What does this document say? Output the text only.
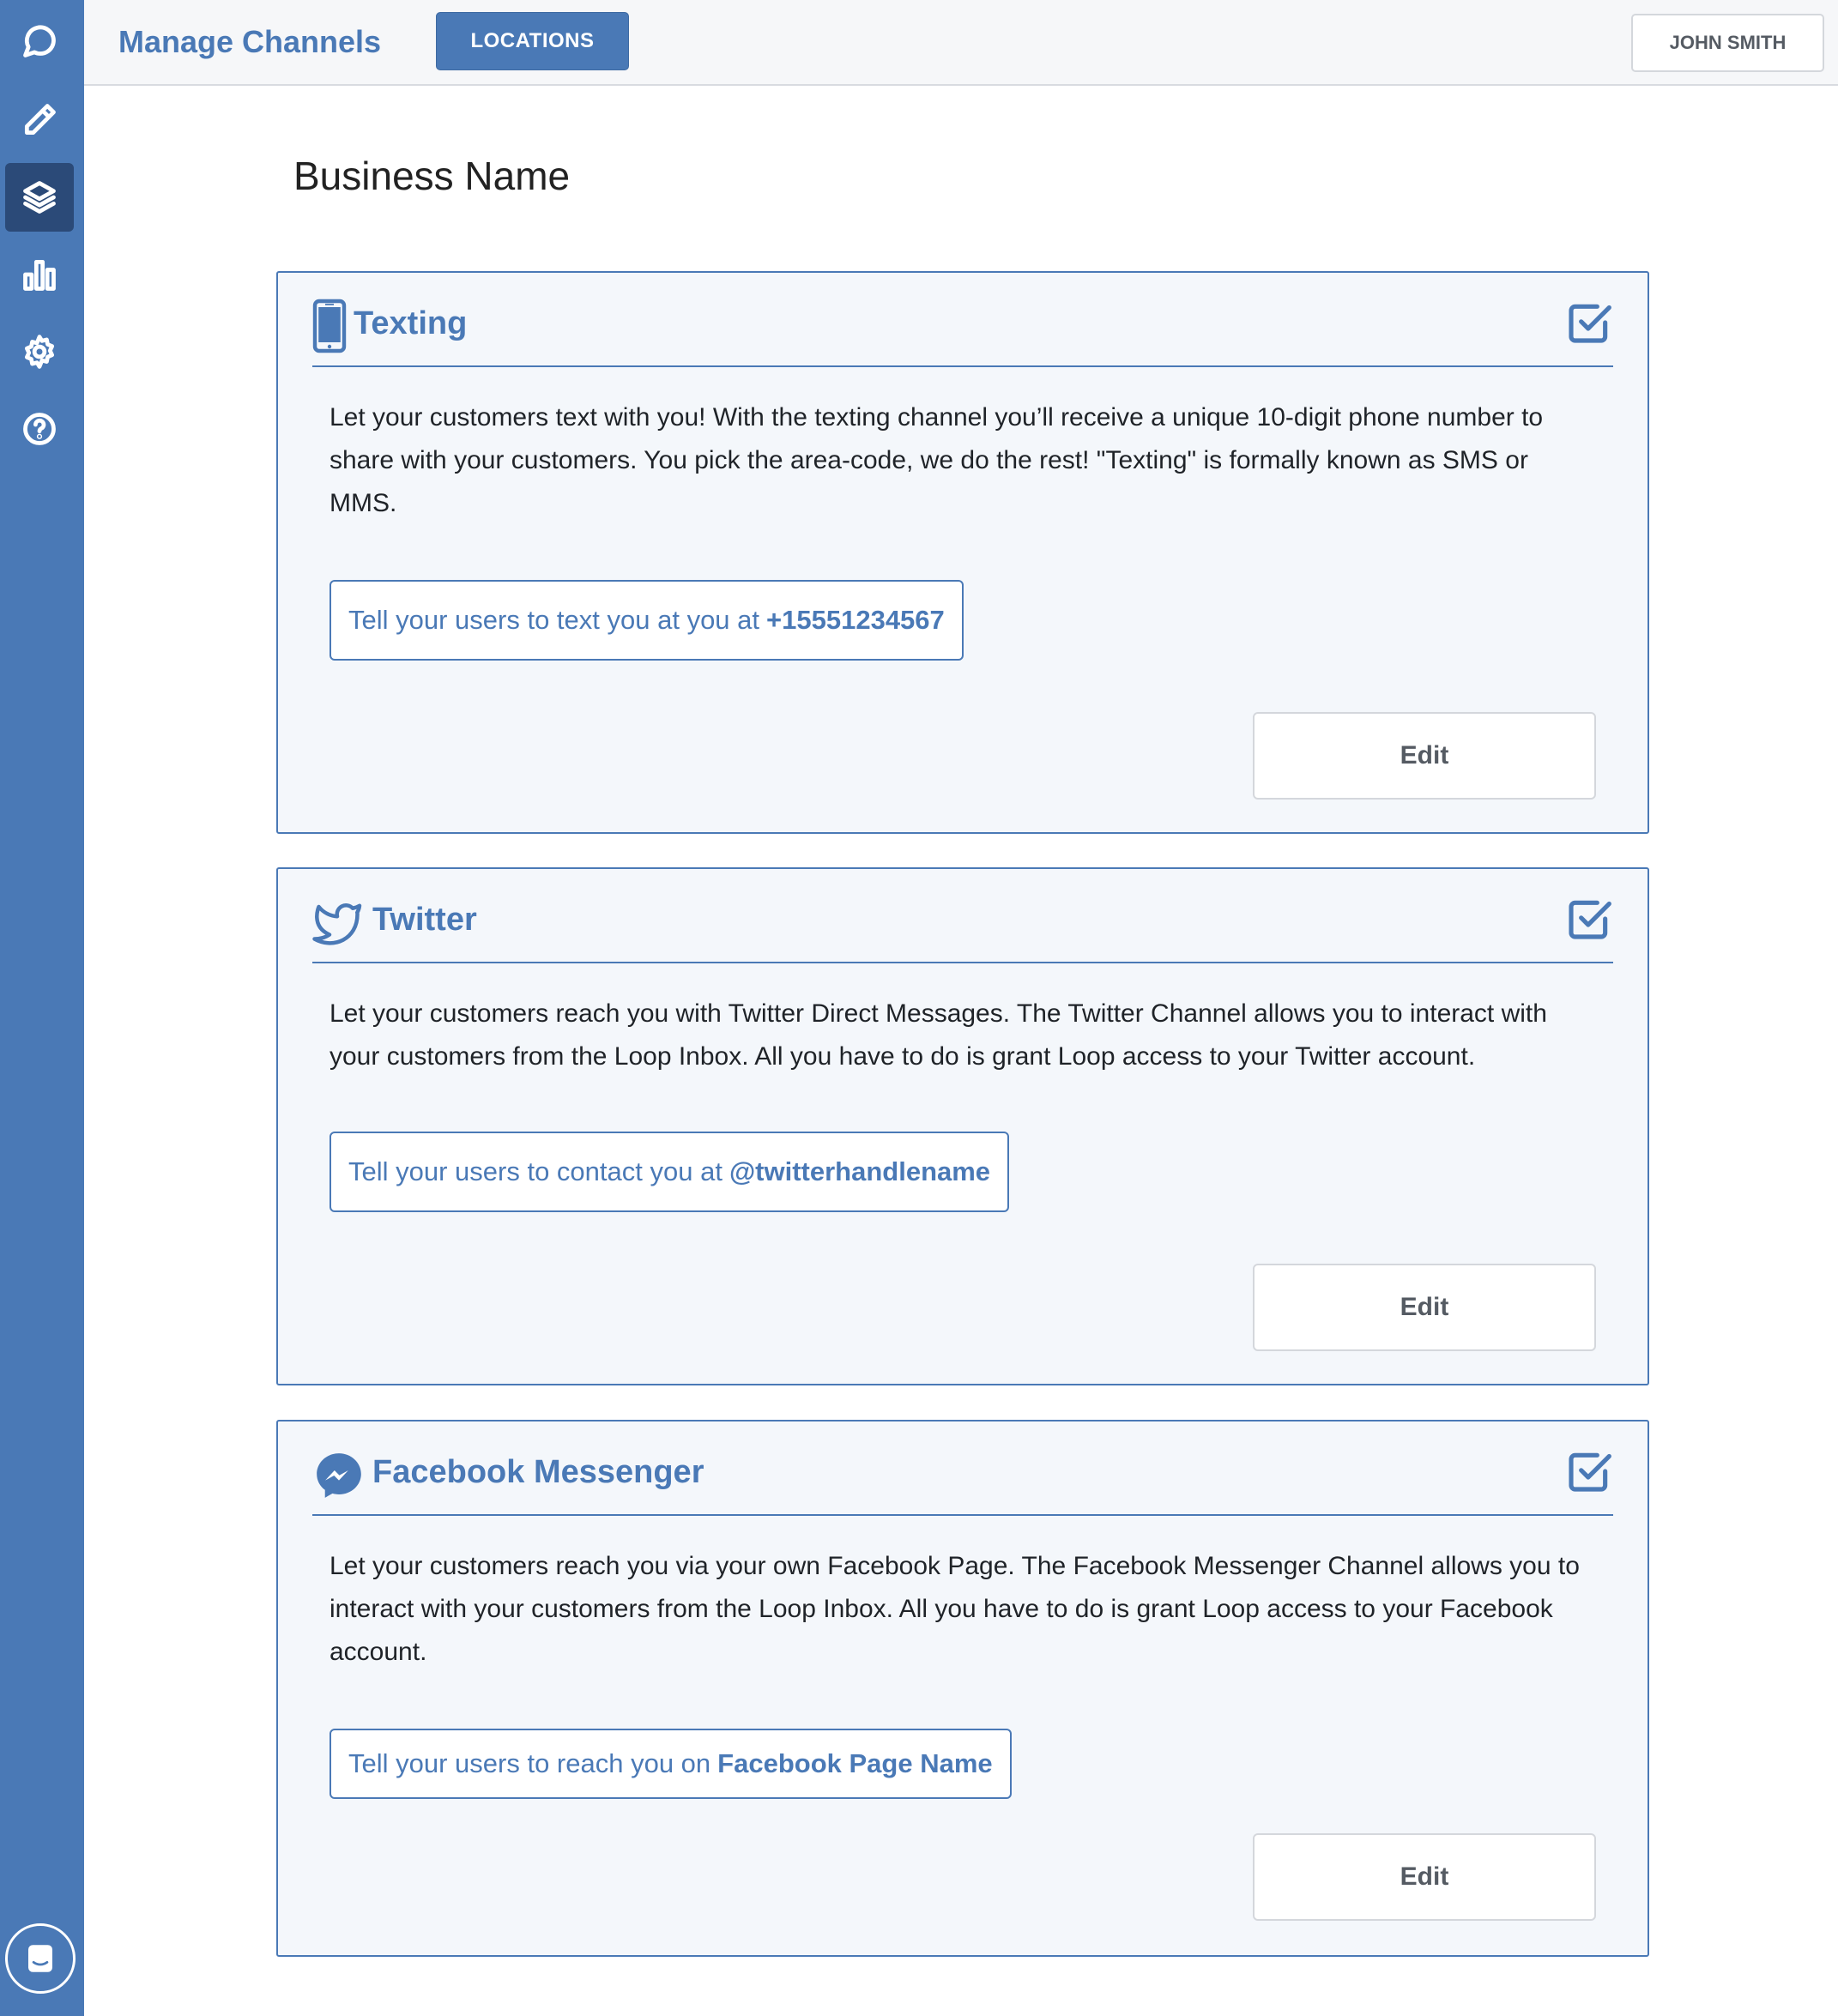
Manage Channels	LOCATIONS	JOHN SMITH
Business Name
Texting

Let your customers text with you! With the texting channel you’ll receive a unique 10-digit phone number to share with your customers. You pick the area-code, we do the rest! "Texting" is formally known as SMS or MMS.

Tell your users to text you at you at +15551234567
Edit
Twitter

Let your customers reach you with Twitter Direct Messages. The Twitter Channel allows you to interact with your customers from the Loop Inbox. All you have to do is grant Loop access to your Twitter account.

Tell your users to contact you at @twitterhandlename
Edit
Facebook Messenger

Let your customers reach you via your own Facebook Page. The Facebook Messenger Channel allows you to interact with your customers from the Loop Inbox. All you have to do is grant Loop access to your Facebook account.

Tell your users to reach you on Facebook Page Name
Edit
